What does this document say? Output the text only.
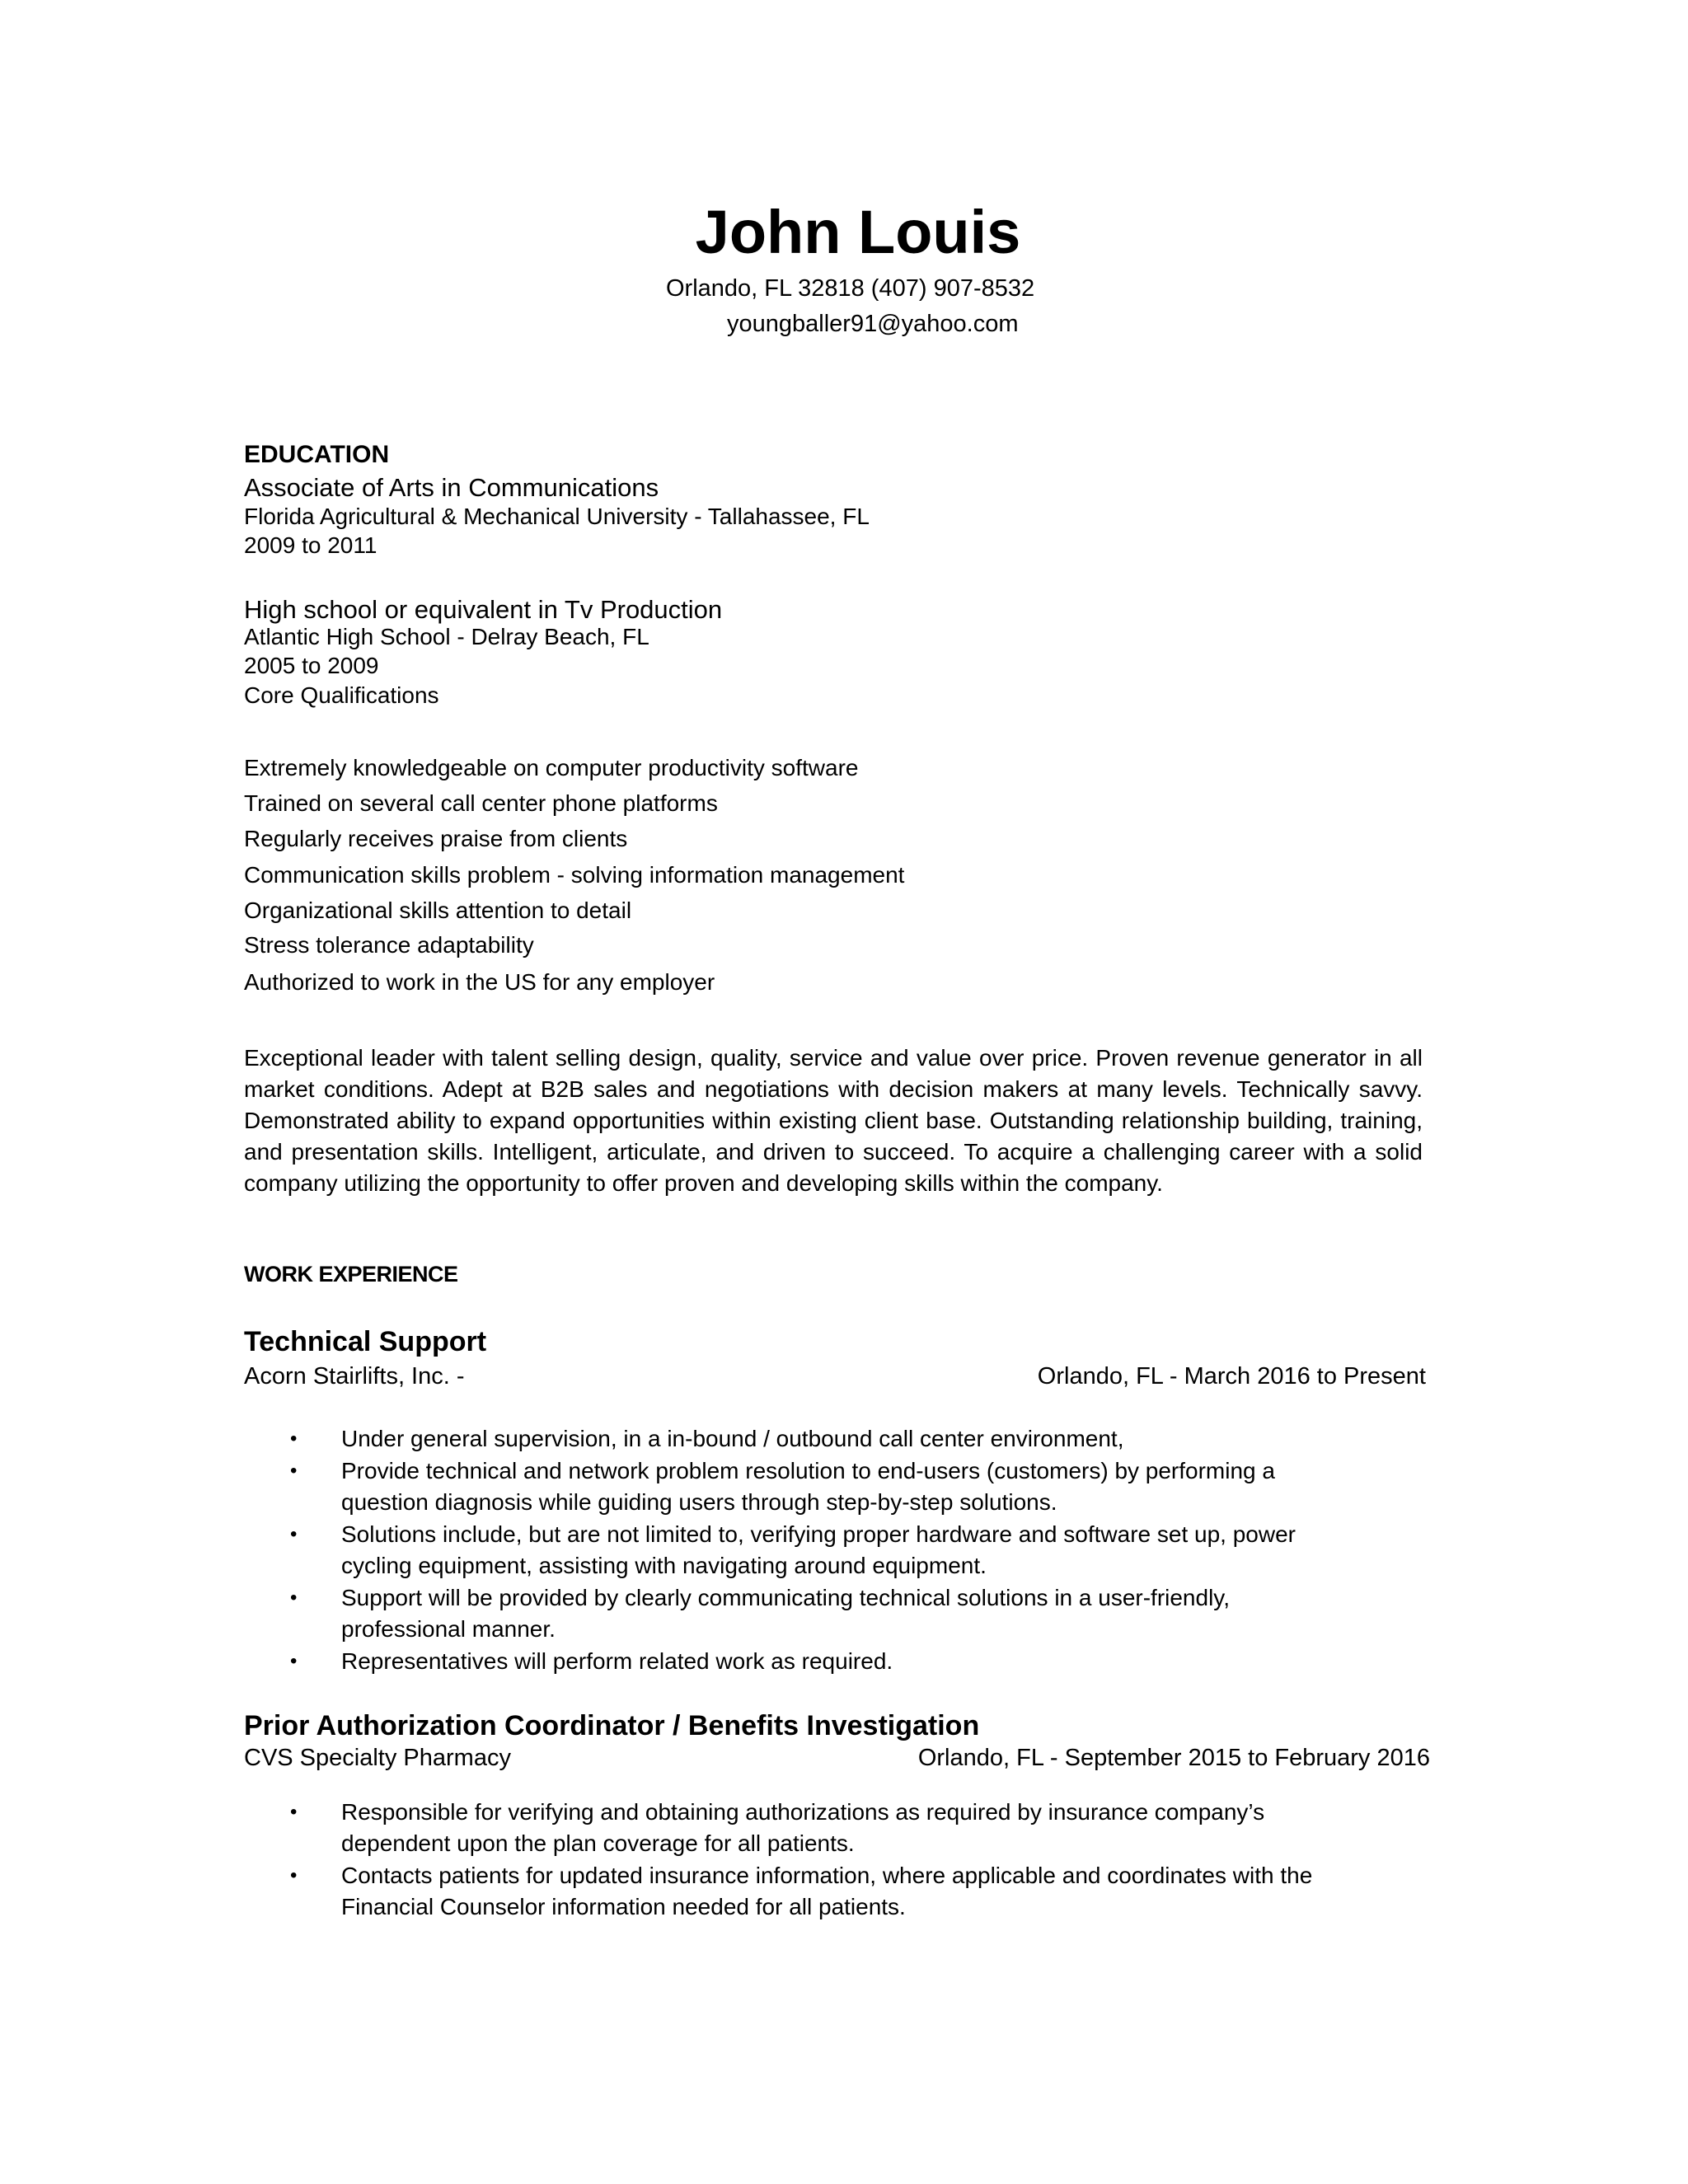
John Louis
Orlando, FL 32818 (407) 907-8532
youngballer91@yahoo.com
EDUCATION
Associate of Arts in Communications
Florida Agricultural & Mechanical University - Tallahassee, FL
2009 to 2011
High school or equivalent in Tv Production
Atlantic High School - Delray Beach, FL
2005 to 2009
Core Qualifications
Extremely knowledgeable on computer productivity software
Trained on several call center phone platforms
Regularly receives praise from clients
Communication skills problem - solving information management
Organizational skills attention to detail
Stress tolerance adaptability
Authorized to work in the US for any employer
Exceptional leader with talent selling design, quality, service and value over price. Proven revenue generator in all market conditions. Adept at B2B sales and negotiations with decision makers at many levels. Technically savvy. Demonstrated ability to expand opportunities within existing client base. Outstanding relationship building, training, and presentation skills. Intelligent, articulate, and driven to succeed. To acquire a challenging career with a solid company utilizing the opportunity to offer proven and developing skills within the company.
WORK EXPERIENCE
Technical Support
Acorn Stairlifts, Inc. -	Orlando, FL - March 2016 to Present
• Under general supervision, in a in-bound / outbound call center environment,
• Provide technical and network problem resolution to end-users (customers) by performing a question diagnosis while guiding users through step-by-step solutions.
• Solutions include, but are not limited to, verifying proper hardware and software set up, power cycling equipment, assisting with navigating around equipment.
• Support will be provided by clearly communicating technical solutions in a user-friendly, professional manner.
• Representatives will perform related work as required.
Prior Authorization Coordinator / Benefits Investigation
CVS Specialty Pharmacy	Orlando, FL - September 2015 to February 2016
• Responsible for verifying and obtaining authorizations as required by insurance company’s dependent upon the plan coverage for all patients.
• Contacts patients for updated insurance information, where applicable and coordinates with the Financial Counselor information needed for all patients.
